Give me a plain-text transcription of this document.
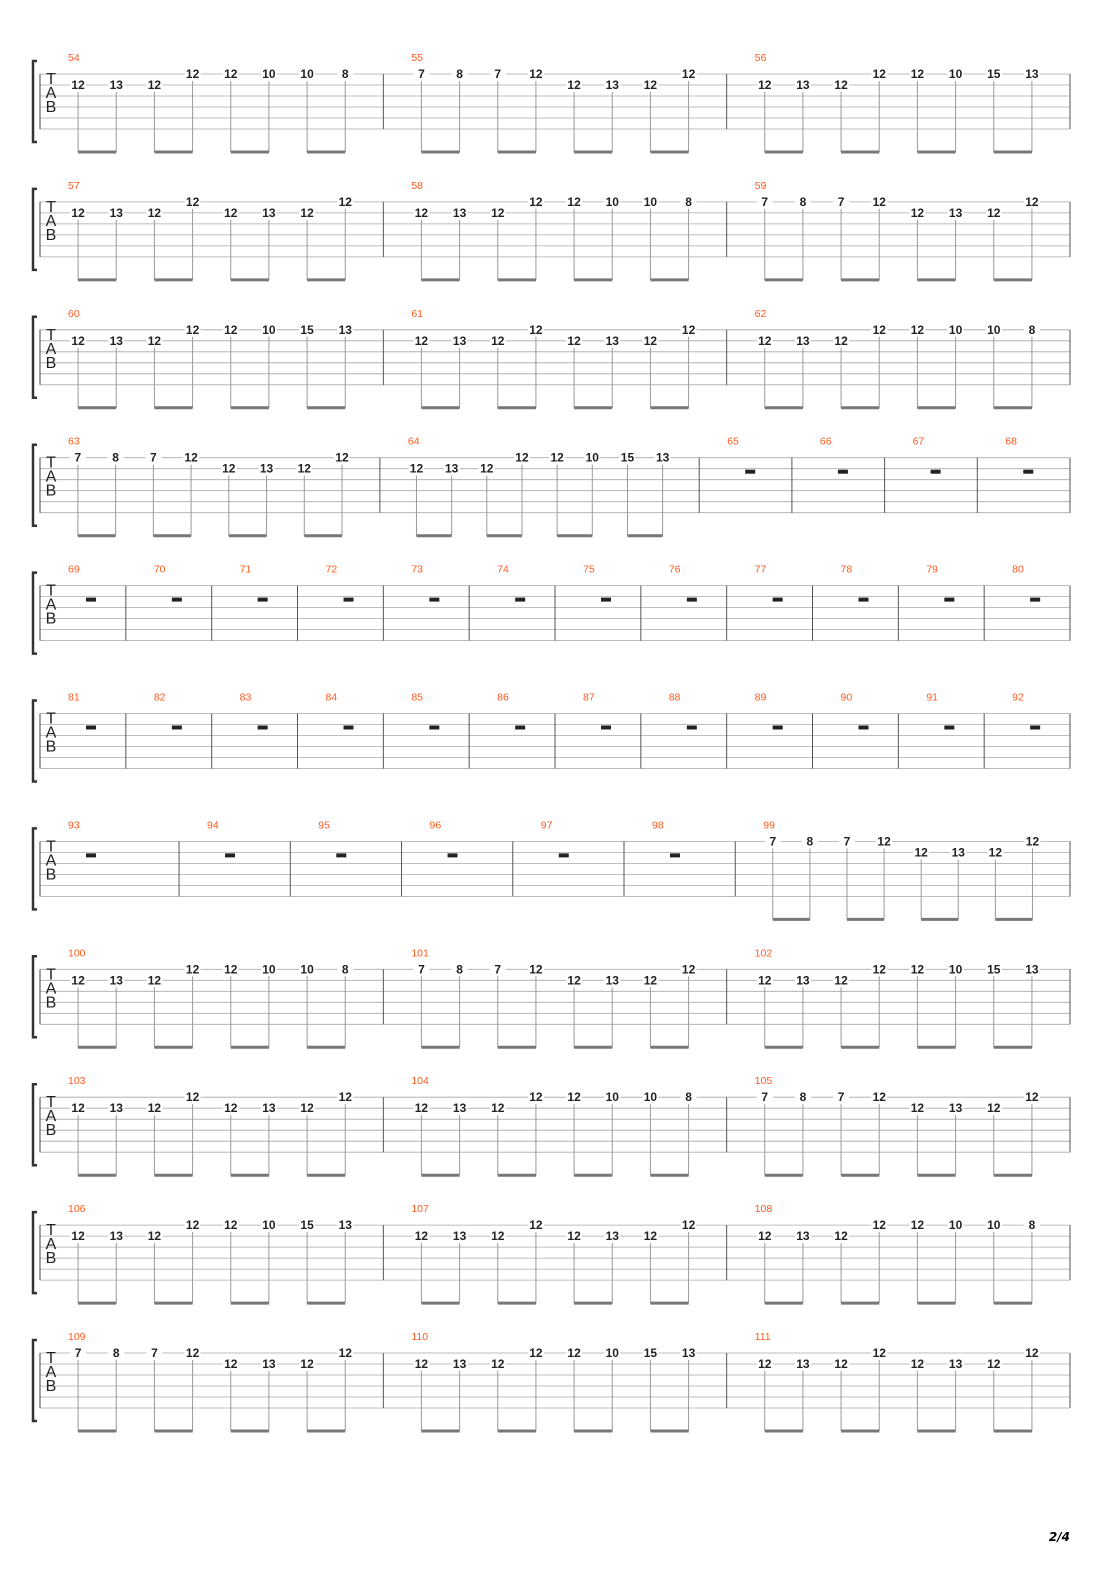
T
A
B
54
12 13 12
12 12 10 10 8
55
7	8	7 12
12 13 12
12
56
12 13 12
12 12 10 15 13
T
A
B
57
12 13 12
12
12 13 12
12
58
12 13 12
12 12 10 10 8
59
7	8	7 12
12 13 12
12
T
A
B
60
12 13 12
12 12 10 15 13
61
12 13 12
12
12 13 12
12
62
12 13 12
12 12 10 10 8
T
A
B
63
7	8	7 12
12 13 12
12
64
12 13 12
12 12 10 15 13
65	66	67	68
T
A
B
69	70	71	72	73	74	75	76	77	78	79	80
T
A
B
81	82	83	84	85	86	87	88	89	90	91	92
T
A
B
93	94	95	96	97	98	99
7	8	7 12
12 13 12
12
T
A
B
100
12 13 12
12 12 10 10 8
101
7	8	7 12
12 13 12
12
102
12 13 12
12 12 10 15 13
T
A
B
103
12 13 12
12
12 13 12
12
104
12 13 12
12 12 10 10 8
105
7	8	7 12
12 13 12
12
T
A
B
106
12 13 12
12 12 10 15 13
107
12 13 12
12
12 13 12
12
108
12 13 12
12 12 10 10 8
T
A
B
109
7	8	7 12
12 13 12
12
110
12 13 12
12 12 10 15 13
111
12 13 12
12
12 13 12
12
2/4
